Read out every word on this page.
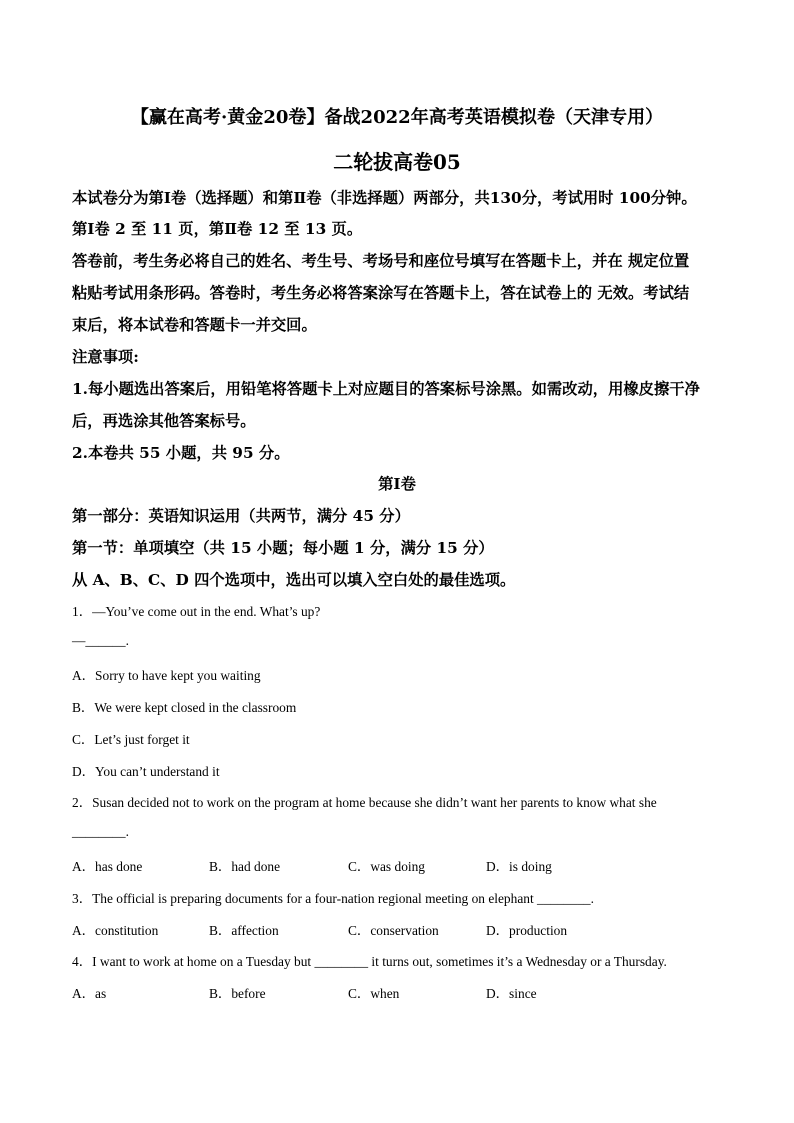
【赢在高考·黄金20卷】备战2022年高考英语模拟卷（天津专用）
二轮拔高卷05
本试卷分为第Ⅰ卷（选择题）和第Ⅱ卷（非选择题）两部分，共130分，考试用时 100分钟。
第Ⅰ卷 2 至 11 页，第Ⅱ卷 12 至 13 页。
答卷前，考生务必将自己的姓名、考生号、考场号和座位号填写在答题卡上，并在 规定位置
粘贴考试用条形码。答卷时，考生务必将答案涂写在答题卡上，答在试卷上的 无效。考试结
束后，将本试卷和答题卡一并交回。
注意事项:
1.每小题选出答案后，用铅笔将答题卡上对应题目的答案标号涂黑。如需改动，用橡皮擦干净
后，再选涂其他答案标号。
2.本卷共 55 小题，共 95 分。
第Ⅰ卷
第一部分：英语知识运用（共两节，满分 45 分）
第一节：单项填空（共 15 小题；每小题 1 分，满分 15 分）
从 A、B、C、D 四个选项中，选出可以填入空白处的最佳选项。
1．—You’ve come out in the end. What’s up?
—______.
A．Sorry to have kept you waiting
B．We were kept closed in the classroom
C．Let’s just forget it
D．You can’t understand it
2．Susan decided not to work on the program at home because she didn’t want her parents to know what she
________.
A．has done	B．had done	C．was doing	D．is doing
3．The official is preparing documents for a four-nation regional meeting on elephant ________.
A．constitution	B．affection	C．conservation	D．production
4．I want to work at home on a Tuesday but ________ it turns out, sometimes it’s a Wednesday or a Thursday.
A．as	B．before	C．when	D．since
